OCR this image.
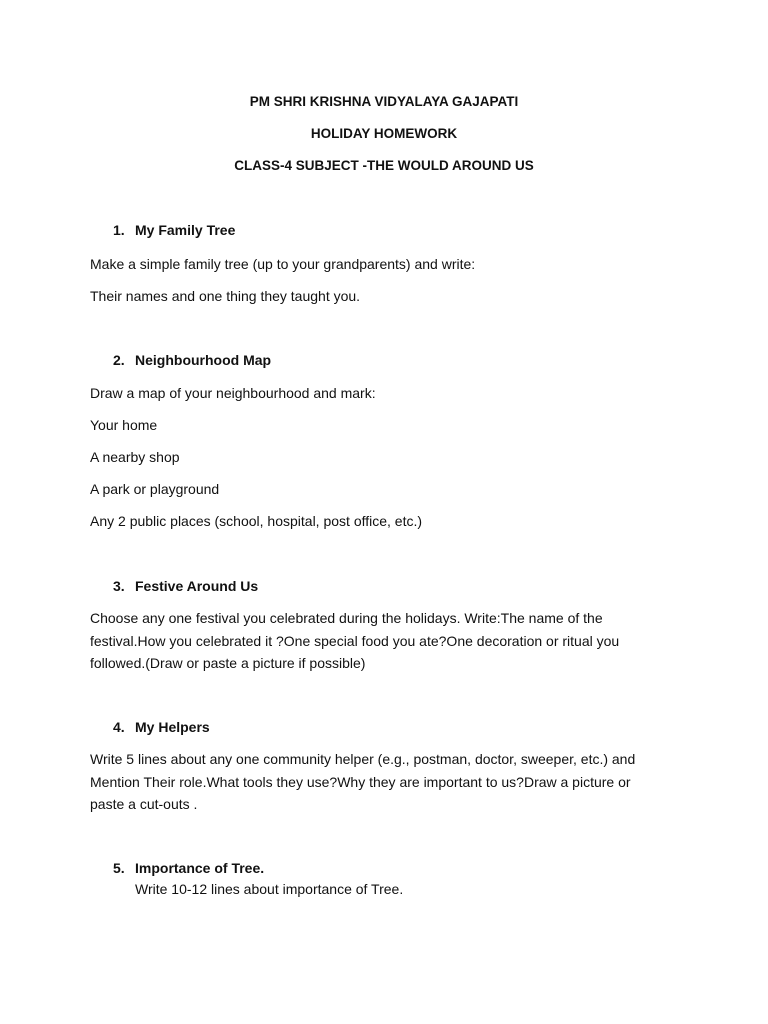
PM SHRI KRISHNA VIDYALAYA GAJAPATI
HOLIDAY HOMEWORK
CLASS-4 SUBJECT -THE WOULD AROUND US
1. My Family Tree
Make a simple family tree (up to your grandparents) and write:
Their names and one thing they taught you.
2. Neighbourhood Map
Draw a map of your neighbourhood and mark:
Your home
A nearby shop
A park or playground
Any 2 public places (school, hospital, post office, etc.)
3. Festive Around Us
Choose any one festival you celebrated during the holidays. Write:The name of the festival.How you celebrated it ?One special food you ate?One decoration or ritual you followed.(Draw or paste a picture if possible)
4. My Helpers
Write 5 lines about any one community helper (e.g., postman, doctor, sweeper, etc.) and Mention Their role.What tools they use?Why they are important to us?Draw a picture or paste a cut-outs .
5. Importance of Tree.
Write 10-12 lines about importance of Tree.
